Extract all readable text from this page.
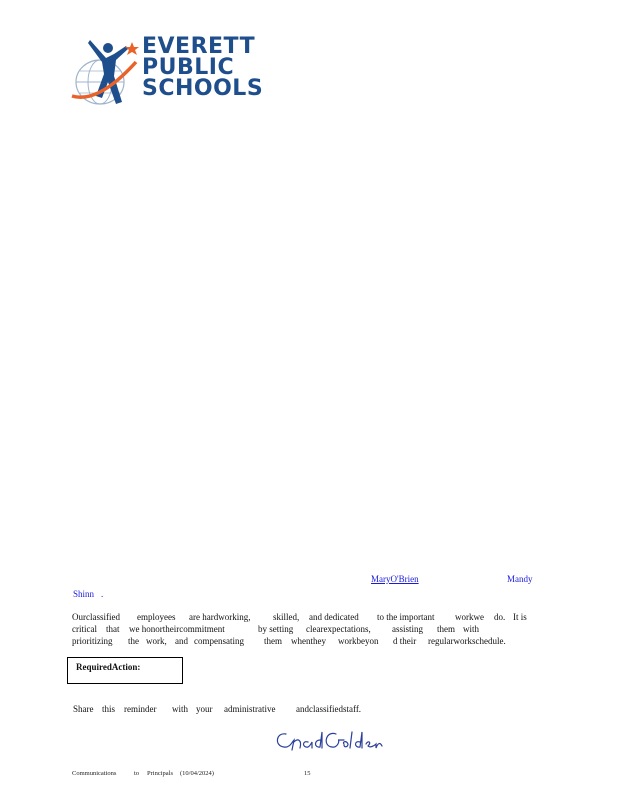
EVERETT
PUBLIC
SCHOOLS
MaryO'Brien	Mandy
Shinn .
Ourclassified employees are hardworking,	skilled, and dedicated to the important workwe do. It is
critical that we honortheircommitment	by setting clearexpectations, assisting them with
prioritizing the work, and compensating them whenthey workbeyon d their regularworkschedule.
RequiredAction:
Share this reminder with your administrative andclassifiedstaff.
Communications	to Principals (10/04/2024)	15
